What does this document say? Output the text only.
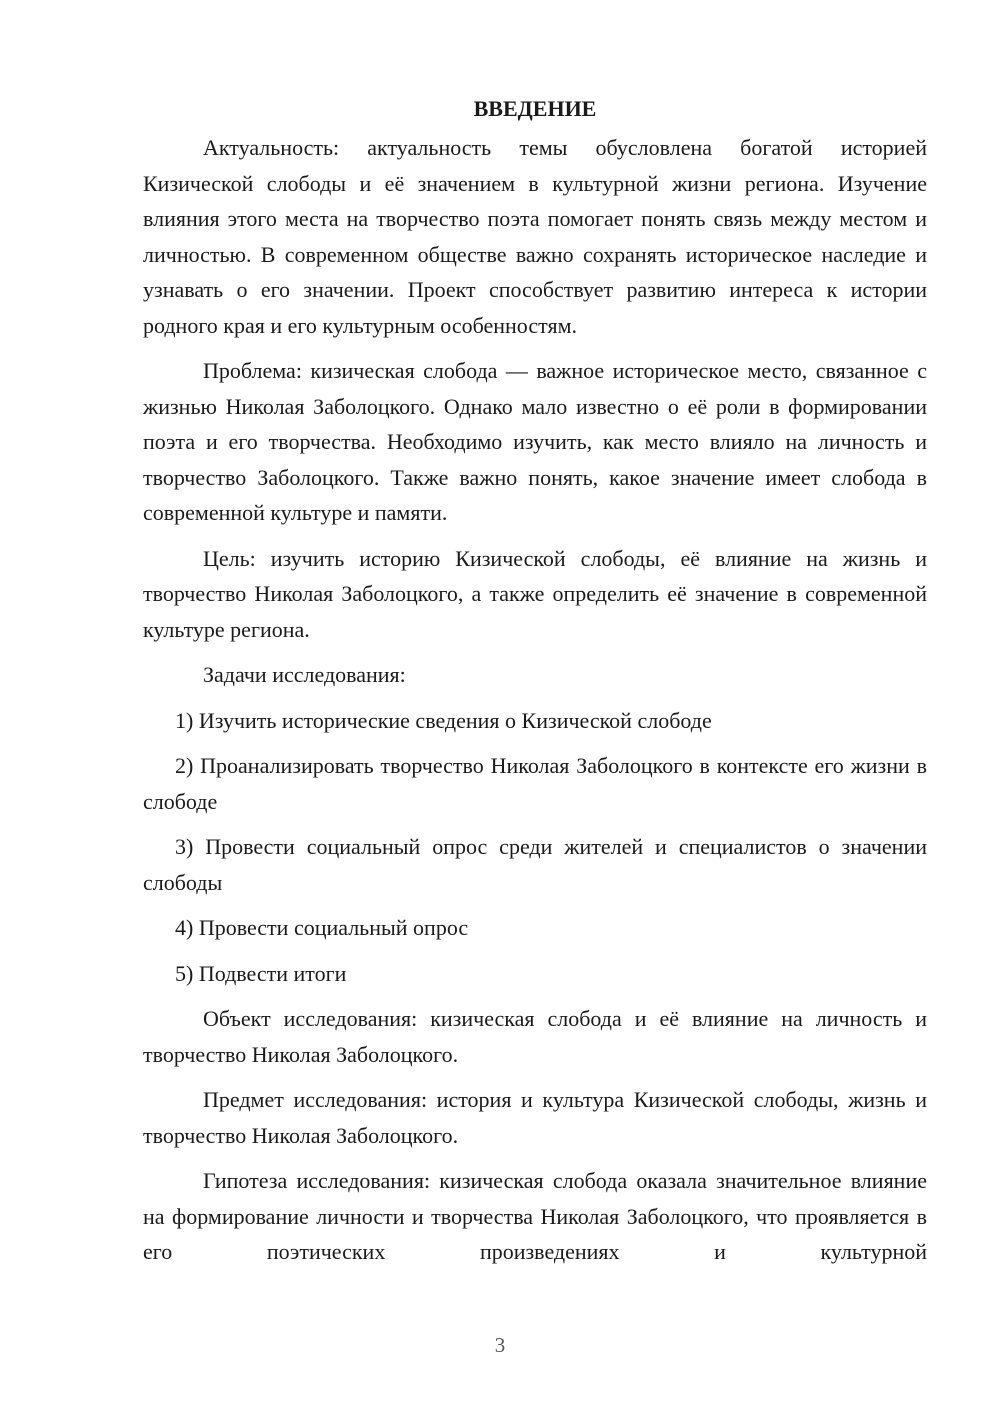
ВВЕДЕНИЕ

Актуальность: актуальность темы обусловлена богатой историей Кизической слободы и её значением в культурной жизни региона. Изучение влияния этого места на творчество поэта помогает понять связь между местом и личностью. В современном обществе важно сохранять историческое наследие и узнавать о его значении. Проект способствует развитию интереса к истории родного края и его культурным особенностям.

Проблема: кизическая слобода — важное историческое место, связанное с жизнью Николая Заболоцкого. Однако мало известно о её роли в формировании поэта и его творчества. Необходимо изучить, как место влияло на личность и творчество Заболоцкого. Также важно понять, какое значение имеет слобода в современной культуре и памяти.

Цель: изучить историю Кизической слободы, её влияние на жизнь и творчество Николая Заболоцкого, а также определить её значение в современной культуре региона.

Задачи исследования:

1) Изучить исторические сведения о Кизической слободе

2) Проанализировать творчество Николая Заболоцкого в контексте его жизни в слободе

3) Провести социальный опрос среди жителей и специалистов о значении слободы

4) Провести социальный опрос

5) Подвести итоги

Объект исследования: кизическая слобода и её влияние на личность и творчество Николая Заболоцкого.

Предмет исследования: история и культура Кизической слободы, жизнь и творчество Николая Заболоцкого.

Гипотеза исследования: кизическая слобода оказала значительное влияние на формирование личности и творчества Николая Заболоцкого, что проявляется в его поэтических произведениях и культурной

3
